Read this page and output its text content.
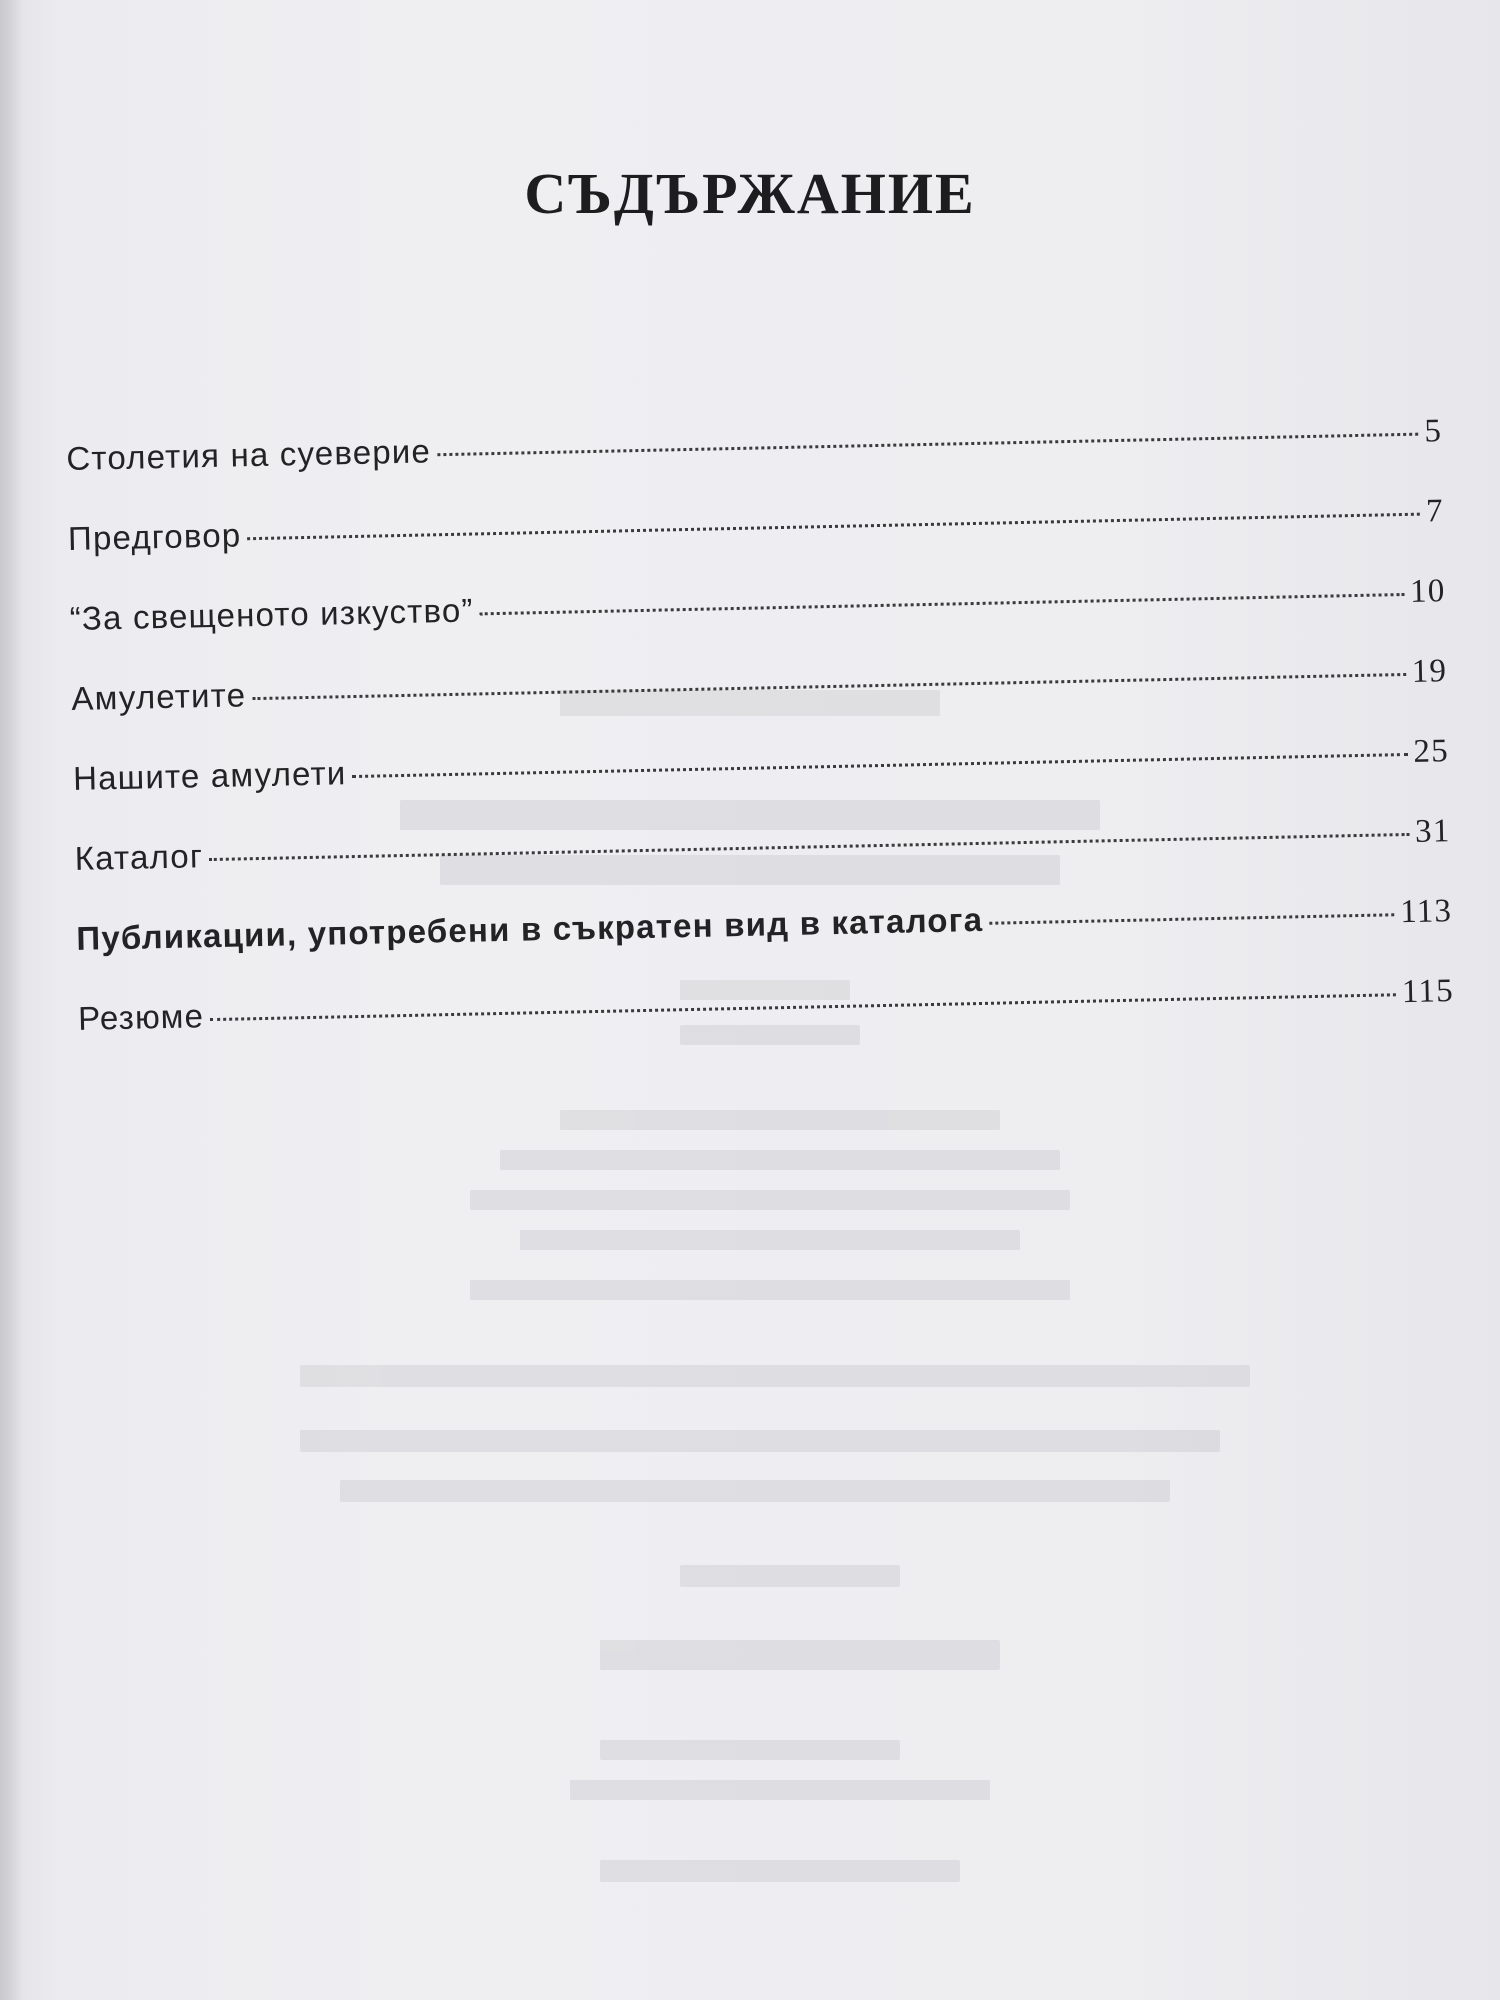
СЪДЪРЖАНИЕ
Столетия на суеверие
5
Предговор
7
“За свещеното изкуство”	10
Амулетите
19
Нашите амулети
25
Каталог
31
Публикации, употребени в съкратен вид в каталога	113
Резюме
115
